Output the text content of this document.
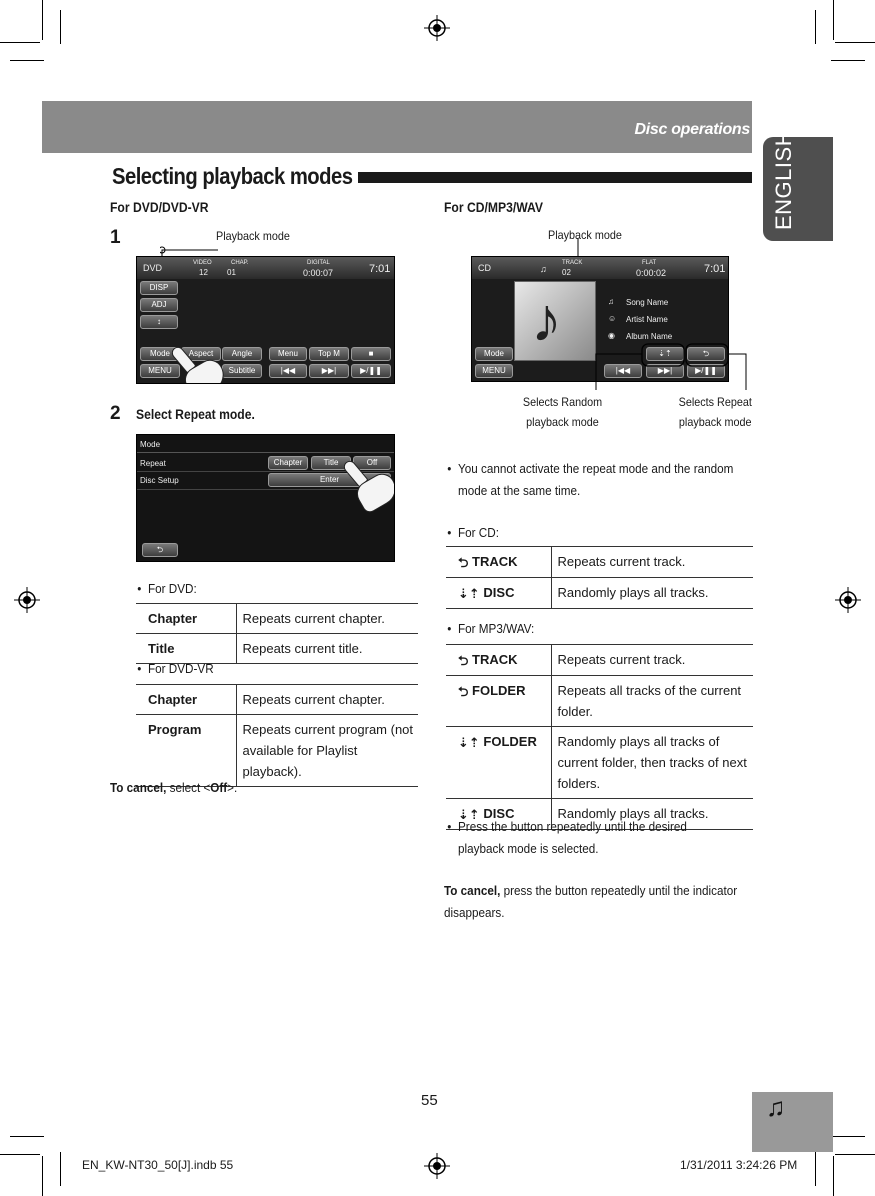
Disc operations
ENGLISH
Selecting playback modes
For DVD/DVD-VR
1	Playback mode
DVD	VIDEO	CHAP.
12 01
DIGITAL
0:00:07	7:01
DISP
ADJ
↕
Mode	Aspect	Angle	Menu	Top M	■
MENU	Subtitle	|◀◀	▶▶|	▶/❚❚
2 Select Repeat mode.
Mode
Repeat
Disc Setup
Chapter	Title	Off
Enter
⮌
• For DVD:
Chapter	Repeats current chapter.
Title	Repeats current title.
• For DVD-VR
Chapter	Repeats current chapter.
Program	Repeats current program (not available for Playlist playback).
To cancel, select <Off>.
For CD/MP3/WAV
Playback mode
CD	♫
TRACK
02
FLAT
0:00:02	7:01
♪	♫ Song Name
☺ Artist Name
◉ Album Name
Mode	⇣⇡	⮌
MENU	|◀◀	▶▶|	▶/❚❚
Selects Random playback mode
Selects Repeat playback mode
• You cannot activate the repeat mode and the random mode at the same time.
• For CD:
⮌ TRACK	Repeats current track.
⇣⇡ DISC	Randomly plays all tracks.
• For MP3/WAV:
⮌ TRACK	Repeats current track.
⮌ FOLDER	Repeats all tracks of the current folder.
⇣⇡ FOLDER	Randomly plays all tracks of current folder, then tracks of next folders.
⇣⇡ DISC	Randomly plays all tracks.
• Press the button repeatedly until the desired playback mode is selected.
To cancel, press the button repeatedly until the indicator disappears.
55	♫
EN_KW-NT30_50[J].indb 55	1/31/2011 3:24:26 PM
